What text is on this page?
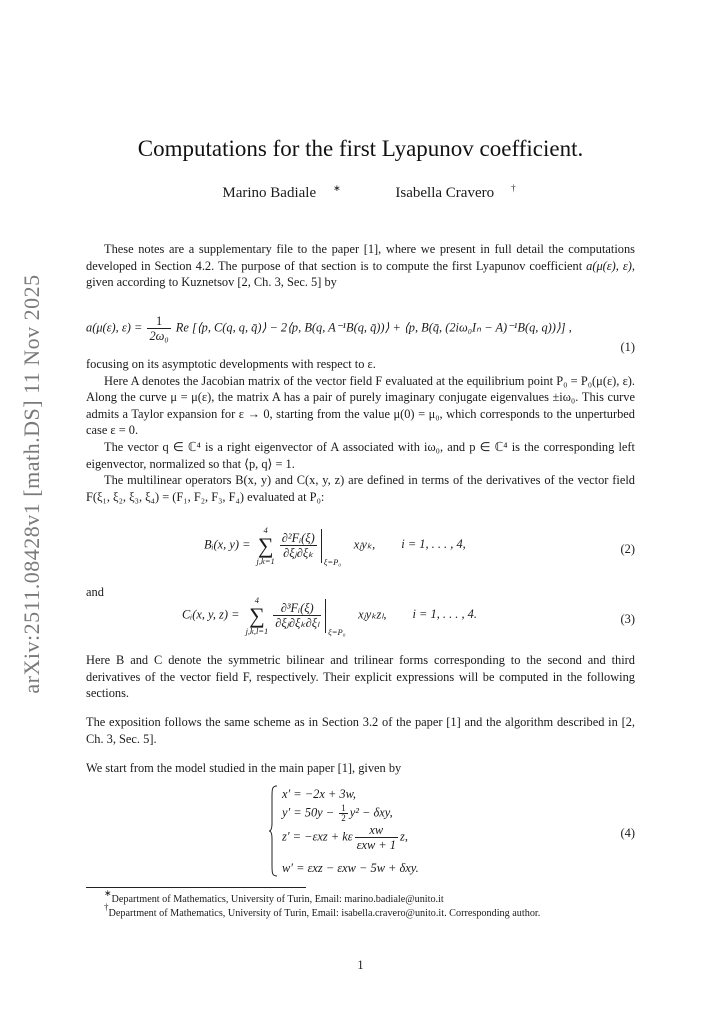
arXiv:2511.08428v1 [math.DS] 11 Nov 2025
Computations for the first Lyapunov coefficient.
Marino Badiale ∗	Isabella Cravero †

These notes are a supplementary file to the paper [1], where we present in full detail the computations developed in Section 4.2. The purpose of that section is to compute the first Lyapunov coefficient a(μ(ε), ε), given according to Kuznetsov [2, Ch. 3, Sec. 5] by

a(μ(ε), $\varepsilon) = \frac{1}{\text{2ω₀}}$ Re [⟨p, C(q, q, q̄)⟩ − 2⟨p, B(q, A⁻¹B(q, q̄))⟩ + ⟨p, B(q̄, (2iω₀Iₙ − A)⁻¹B(q, q))⟩] ,
(1)

focusing on its asymptotic developments with respect to ε.

Here A denotes the Jacobian matrix of the vector field F evaluated at the equilibrium point P₀ = P₀(μ(ε), ε). Along the curve μ = μ(ε), the matrix A has a pair of purely imaginary conjugate eigenvalues ±iω₀. This curve admits a Taylor expansion for ε → 0, starting from the value μ(0) = μ₀, which corresponds to the unperturbed case ε = 0.

The vector q ∈ ℂ⁴ is a right eigenvector of A associated with iω₀, and p ∈ ℂ⁴ is the corresponding left eigenvector, normalized so that ⟨p, q⟩ = 1.

The multilinear operators B(x, y) and C(x, y, z) are defined in terms of the derivatives of the vector field F(ξ₁, ξ₂, ξ₃, ξ₄) = (F₁, F₂, F₃, F₄) evaluated at P₀:

Bᵢ(x, y) =
4
∑
j,k=1
$\frac{\text{∂²Fᵢ(ξ)}}{\text{∂ξⱼ∂ξₖ}}$
ξ=P₀
xⱼyₖ, i = 1, . . . , 4,	(2)
and
Cᵢ(x, y, z) =
4
∑
j,k,l=1
$\frac{\text{∂³Fᵢ(ξ)}}{\text{∂ξⱼ∂ξₖ∂ξₗ}}$
ξ=P₀
xⱼyₖzₗ, i = 1, . . . , 4.	(3)

Here B and C denote the symmetric bilinear and trilinear forms corresponding to the second and third derivatives of the vector field F, respectively. Their explicit expressions will be computed in the following sections.

The exposition follows the same scheme as in Section 3.2 of the paper [1] and the algorithm described in [2, Ch. 3, Sec. 5].

We start from the model studied in the main paper [1], given by

x′ = −2x + 3w,
$y' = 50y - \frac{1}{2} y^2 - \delta xy$,
z′ = −εxz + kε $\frac{xw}{\text{εxw + 1}} z$,
w′ = εxz − εxw − 5w + δxy.
(4)
∗Department of Mathematics, University of Turin, Email: marino.badiale@unito.it
†Department of Mathematics, University of Turin, Email: isabella.cravero@unito.it. Corresponding author.
1
